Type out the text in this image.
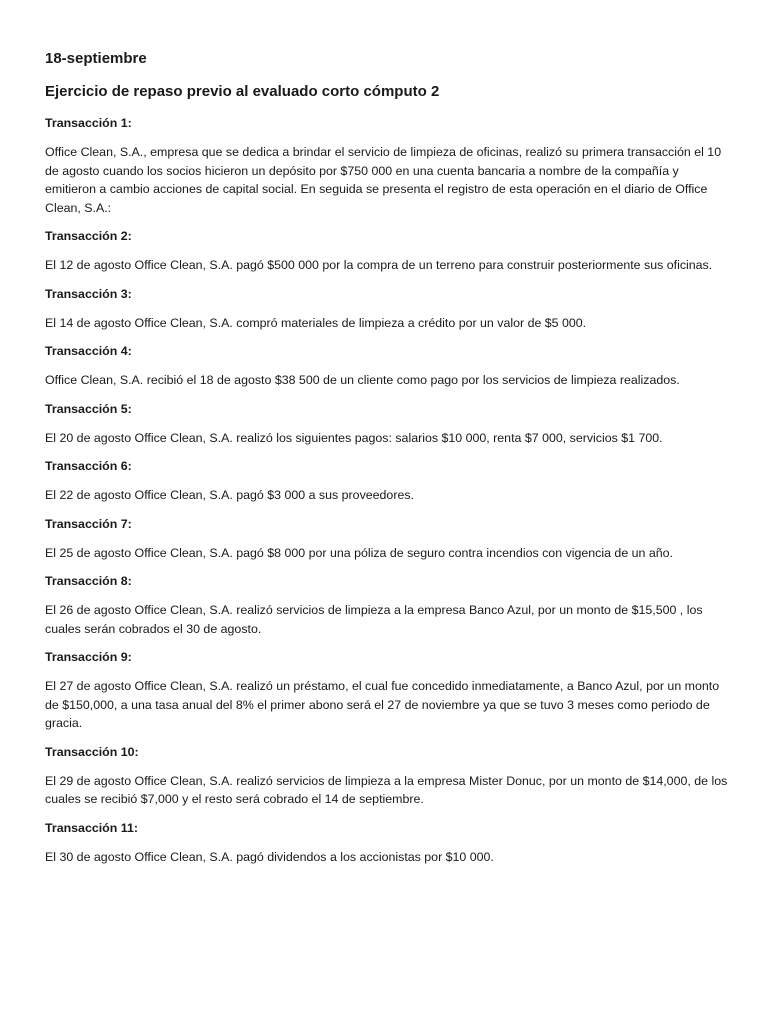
18-septiembre
Ejercicio de repaso previo al evaluado corto cómputo 2
Transacción 1:
Office Clean, S.A., empresa que se dedica a brindar el servicio de limpieza de oficinas, realizó su primera transacción el 10 de agosto cuando los socios hicieron un depósito por $750 000 en una cuenta bancaria a nombre de la compañía y emitieron a cambio acciones de capital social. En seguida se presenta el registro de esta operación en el diario de Office Clean, S.A.:
Transacción 2:
El 12 de agosto Office Clean, S.A. pagó $500 000 por la compra de un terreno para construir posteriormente sus oficinas.
Transacción 3:
El 14 de agosto Office Clean, S.A. compró materiales de limpieza a crédito por un valor de $5 000.
Transacción 4:
Office Clean, S.A. recibió el 18 de agosto $38 500 de un cliente como pago por los servicios de limpieza realizados.
Transacción 5:
El 20 de agosto Office Clean, S.A. realizó los siguientes pagos: salarios $10 000, renta $7 000, servicios $1 700.
Transacción 6:
El 22 de agosto Office Clean, S.A. pagó $3 000 a sus proveedores.
Transacción 7:
El 25 de agosto Office Clean, S.A. pagó $8 000 por una póliza de seguro contra incendios con vigencia de un año.
Transacción 8:
El 26 de agosto Office Clean, S.A. realizó servicios de limpieza a la empresa Banco Azul, por un monto de $15,500 , los cuales serán cobrados el 30 de agosto.
Transacción 9:
El 27 de agosto Office Clean, S.A. realizó un préstamo, el cual fue concedido inmediatamente, a Banco Azul, por un monto de $150,000, a una tasa anual del 8% el primer abono será el 27 de noviembre ya que se tuvo 3 meses como periodo de gracia.
Transacción 10:
El 29 de agosto Office Clean, S.A. realizó servicios de limpieza a la empresa Mister Donuc, por un monto de $14,000, de los cuales se recibió $7,000 y el resto será cobrado el 14 de septiembre.
Transacción 11:
El 30 de agosto Office Clean, S.A. pagó dividendos a los accionistas por $10 000.
